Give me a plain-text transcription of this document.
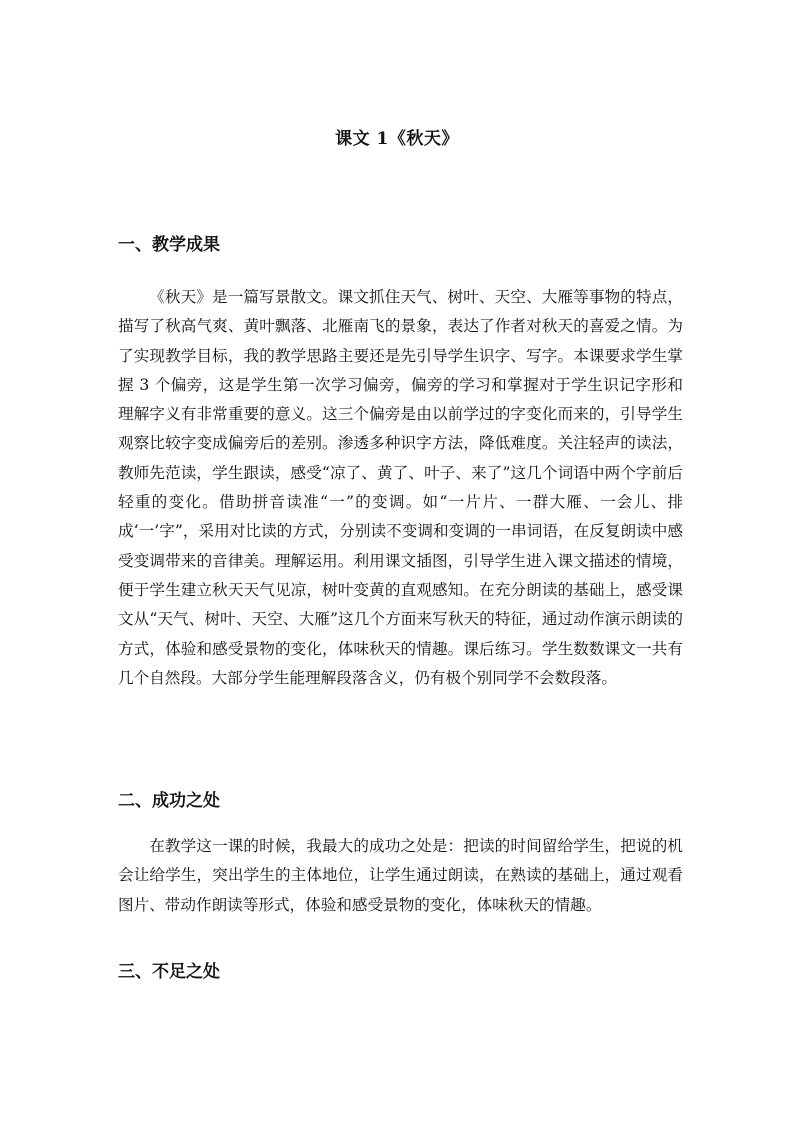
课文 1《秋天》
一、教学成果

《秋天》是一篇写景散文。课文抓住天气、树叶、天空、大雁等事物的特点，描写了秋高气爽、黄叶飘落、北雁南飞的景象，表达了作者对秋天的喜爱之情。为了实现教学目标，我的教学思路主要还是先引导学生识字、写字。本课要求学生掌握 3 个偏旁，这是学生第一次学习偏旁，偏旁的学习和掌握对于学生识记字形和理解字义有非常重要的意义。这三个偏旁是由以前学过的字变化而来的，引导学生观察比较字变成偏旁后的差别。渗透多种识字方法，降低难度。关注轻声的读法，教师先范读，学生跟读，感受“凉了、黄了、叶子、来了”这几个词语中两个字前后轻重的变化。借助拼音读准“一”的变调。如“一片片、一群大雁、一会儿、排成‘一’字”，采用对比读的方式，分别读不变调和变调的一串词语，在反复朗读中感受变调带来的音律美。理解运用。利用课文插图，引导学生进入课文描述的情境，便于学生建立秋天天气见凉，树叶变黄的直观感知。在充分朗读的基础上，感受课文从“天气、树叶、天空、大雁”这几个方面来写秋天的特征，通过动作演示朗读的方式，体验和感受景物的变化，体味秋天的情趣。课后练习。学生数数课文一共有几个自然段。大部分学生能理解段落含义，仍有极个别同学不会数段落。

二、成功之处

在教学这一课的时候，我最大的成功之处是：把读的时间留给学生，把说的机会让给学生，突出学生的主体地位，让学生通过朗读，在熟读的基础上，通过观看图片、带动作朗读等形式，体验和感受景物的变化，体味秋天的情趣。

三、不足之处
